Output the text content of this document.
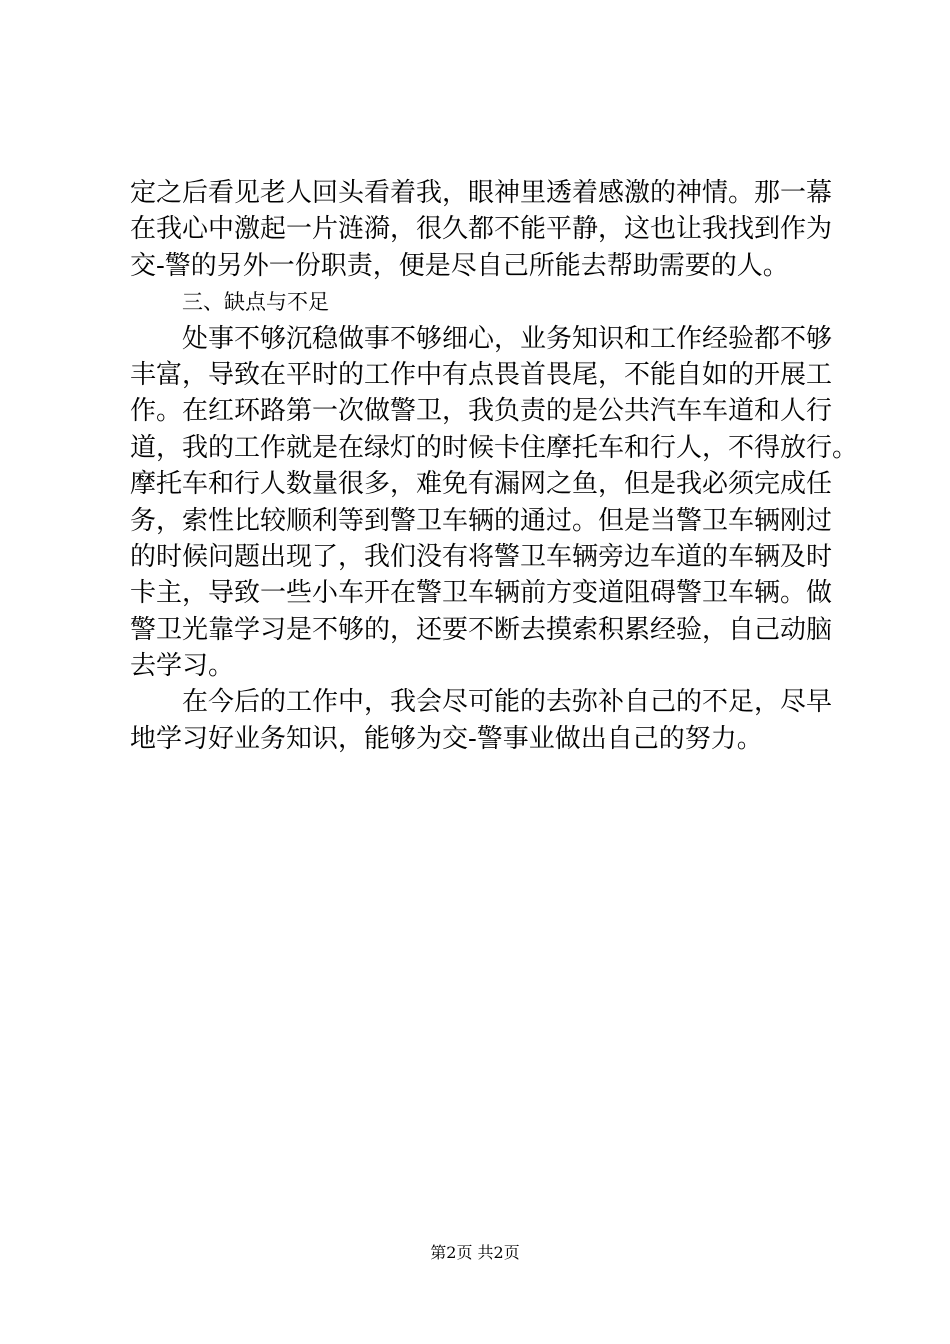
定之后看见老人回头看着我，眼神里透着感激的神情。那一幕
在我心中激起一片涟漪，很久都不能平静，这也让我找到作为
交-警的另外一份职责，便是尽自己所能去帮助需要的人。
三、缺点与不足
处事不够沉稳做事不够细心，业务知识和工作经验都不够
丰富，导致在平时的工作中有点畏首畏尾，不能自如的开展工
作。在红环路第一次做警卫，我负责的是公共汽车车道和人行
道，我的工作就是在绿灯的时候卡住摩托车和行人，不得放行。
摩托车和行人数量很多，难免有漏网之鱼，但是我必须完成任
务，索性比较顺利等到警卫车辆的通过。但是当警卫车辆刚过
的时候问题出现了，我们没有将警卫车辆旁边车道的车辆及时
卡主，导致一些小车开在警卫车辆前方变道阻碍警卫车辆。做
警卫光靠学习是不够的，还要不断去摸索积累经验，自己动脑
去学习。
在今后的工作中，我会尽可能的去弥补自己的不足，尽早
地学习好业务知识，能够为交-警事业做出自己的努力。
第2页 共2页
